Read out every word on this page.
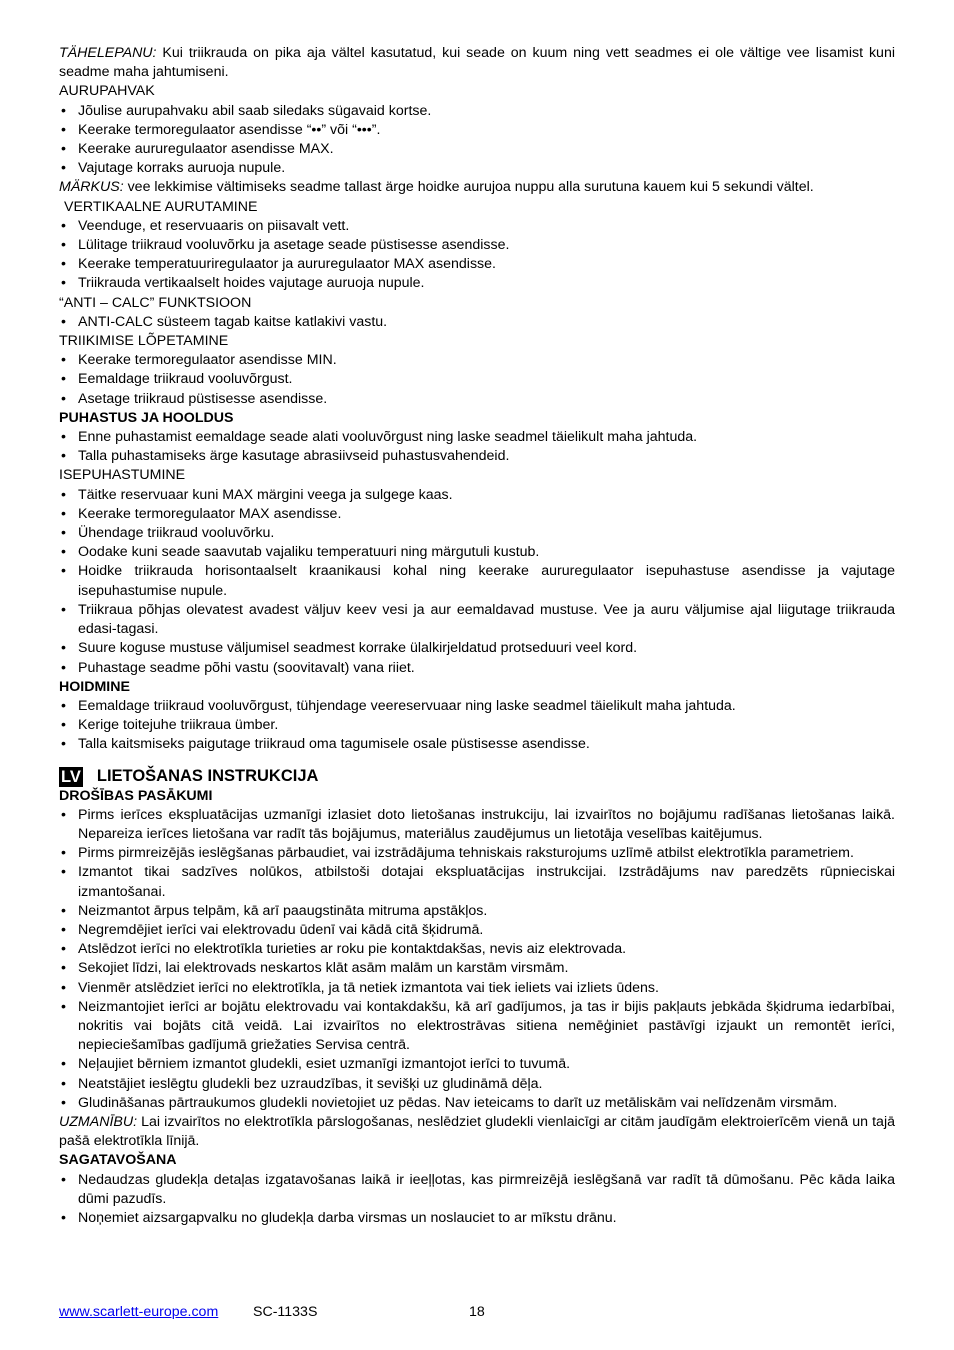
TÄHELEPANU: Kui triikrauda on pika aja vältel kasutatud, kui seade on kuum ning vett seadmes ei ole vältige vee lisamist kuni seadme maha jahtumiseni.

AURUPAHVAK

• Jõulise aurupahvaku abil saab siledaks sügavaid kortse.
• Keerake termoregulaator asendisse “••” või “•••”.
• Keerake aururegulaator asendisse MAX.
• Vajutage korraks auruoja nupule.

MÄRKUS: vee lekkimise vältimiseks seadme tallast ärge hoidke aurujoa nuppu alla surutuna kauem kui 5 sekundi vältel.

VERTIKAALNE AURUTAMINE

• Veenduge, et reservuaaris on piisavalt vett.
• Lülitage triikraud vooluvõrku ja asetage seade püstisesse asendisse.
• Keerake temperatuuriregulaator ja aururegulaator MAX asendisse.
• Triikrauda vertikaalselt hoides vajutage auruoja nupule.

“ANTI – CALC” FUNKTSIOON

• ANTI-CALC süsteem tagab kaitse katlakivi vastu.

TRIIKIMISE LÕPETAMINE

• Keerake termoregulaator asendisse MIN.
• Eemaldage triikraud vooluvõrgust.
• Asetage triikraud püstisesse asendisse.

PUHASTUS JA HOOLDUS

• Enne puhastamist eemaldage seade alati vooluvõrgust ning laske seadmel täielikult maha jahtuda.
• Talla puhastamiseks ärge kasutage abrasiivseid puhastusvahendeid.

ISEPUHASTUMINE

• Täitke reservuaar kuni MAX märgini veega ja sulgege kaas.
• Keerake termoregulaator MAX asendisse.
• Ühendage triikraud vooluvõrku.
• Oodake kuni seade saavutab vajaliku temperatuuri ning märgutuli kustub.
• Hoidke triikrauda horisontaalselt kraanikausi kohal ning keerake aururegulaator isepuhastuse asendisse ja vajutage isepuhastumise nupule.
• Triikraua põhjas olevatest avadest väljuv keev vesi ja aur eemaldavad mustuse. Vee ja auru väljumise ajal liigutage triikrauda edasi-tagasi.
• Suure koguse mustuse väljumisel seadmest korrake ülalkirjeldatud protseduuri veel kord.
• Puhastage seadme põhi vastu (soovitavalt) vana riiet.

HOIDMINE

• Eemaldage triikraud vooluvõrgust, tühjendage veereservuaar ning laske seadmel täielikult maha jahtuda.
• Kerige toitejuhe triikraua ümber.
• Talla kaitsmiseks paigutage triikraud oma tagumisele osale püstisesse asendisse.
LV LIETOŠANAS INSTRUKCIJA

DROŠĪBAS PASĀKUMI

• Pirms ierīces ekspluatācijas uzmanīgi izlasiet doto lietošanas instrukciju, lai izvairītos no bojājumu radīšanas lietošanas laikā. Nepareiza ierīces lietošana var radīt tās bojājumus, materiālus zaudējumus un lietotāja veselības kaitējumus.
• Pirms pirmreizējās ieslēgšanas pārbaudiet, vai izstrādājuma tehniskais raksturojums uzlīmē atbilst elektrotīkla parametriem.
• Izmantot tikai sadzīves nolūkos, atbilstoši dotajai ekspluatācijas instrukcijai. Izstrādājums nav paredzēts rūpnieciskai izmantošanai.
• Neizmantot ārpus telpām, kā arī paaugstināta mitruma apstākļos.
• Negremdējiet ierīci vai elektrovadu ūdenī vai kādā citā šķidrumā.
• Atslēdzot ierīci no elektrotīkla turieties ar roku pie kontaktdakšas, nevis aiz elektrovada.
• Sekojiet līdzi, lai elektrovads neskartos klāt asām malām un karstām virsmām.
• Vienmēr atslēdziet ierīci no elektrotīkla, ja tā netiek izmantota vai tiek ieliets vai izliets ūdens.
• Neizmantojiet ierīci ar bojātu elektrovadu vai kontakdakšu, kā arī gadījumos, ja tas ir bijis pakļauts jebkāda šķidruma iedarbībai, nokritis vai bojāts citā veidā. Lai izvairītos no elektrostrāvas sitiena nemēģiniet pastāvīgi izjaukt un remontēt ierīci, nepieciešamības gadījumā griežaties Servisa centrā.
• Neļaujiet bērniem izmantot gludekli, esiet uzmanīgi izmantojot ierīci to tuvumā.
• Neatstājiet ieslēgtu gludekli bez uzraudzības, it sevišķi uz gludināmā dēļa.
• Gludināšanas pārtraukumos gludekli novietojiet uz pēdas. Nav ieteicams to darīt uz metāliskām vai nelīdzenām virsmām.

UZMANĪBU: Lai izvairītos no elektrotīkla pārslogošanas, neslēdziet gludekli vienlaicīgi ar citām jaudīgām elektroierīcēm vienā un tajā pašā elektrotīkla līnijā.

SAGATAVOŠANA

• Nedaudzas gludekļa detaļas izgatavošanas laikā ir ieeļļotas, kas pirmreizējā ieslēgšanā var radīt tā dūmošanu. Pēc kāda laika dūmi pazudīs.
• Noņemiet aizsargapvalku no gludekļa darba virsmas un noslauciet to ar mīkstu drānu.
www.scarlett-europe.com SC-1133S	18
